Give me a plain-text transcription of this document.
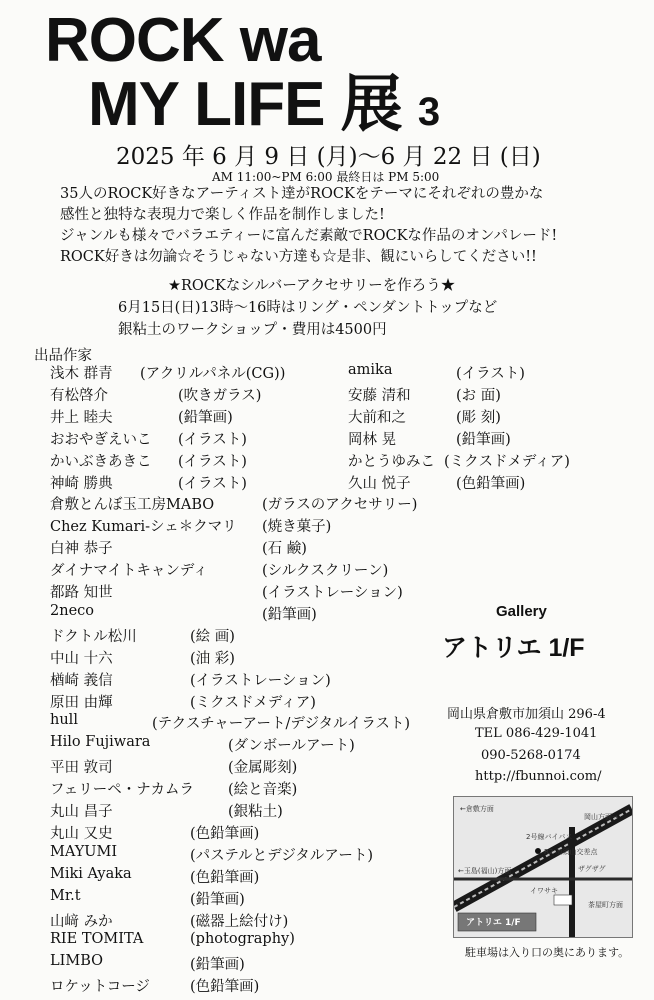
ROCK wa
MY LIFE 展 3
2025 年 6 月 9 日 (月)〜6 月 22 日 (日)
AM 11:00~PM 6:00 最終日は PM 5:00
35人のROCK好きなアーティスト達がROCKをテーマにそれぞれの豊かな
感性と独特な表現力で楽しく作品を制作しました!
ジャンルも様々でバラエティーに富んだ素敵でROCKな作品のオンパレード!
ROCK好きは勿論☆そうじゃない方達も☆是非、観にいらしてください!!
★ROCKなシルバーアクセサリーを作ろう★
6月15日(日)13時〜16時はリング・ペンダントトップなど
銀粘土のワークショップ・費用は4500円
出品作家
浅木 群青 (アクリルパネル(CG))
有松啓介	(吹きガラス)
井上 睦夫	(鉛筆画)
おおやぎえいこ (イラスト)
かいぶきあきこ (イラスト)
神崎 勝典	(イラスト)
倉敷とんぼ玉工房MABO	(ガラスのアクセサリー)
Chez Kumari-シェ＊クマリ (焼き菓子)
白神 恭子	(石 鹸)
ダイナマイトキャンディ	(シルクスクリーン)
都路 知世	(イラストレーション)
2neco	(鉛筆画)
ドクトル松川	(絵 画)
中山 十六	(油 彩)
楢崎 義信	(イラストレーション)
原田 由輝	(ミクスドメディア)
hull	(テクスチャーアート/デジタルイラスト)
Hilo Fujiwara	(ダンボールアート)
平田 敦司	(金属彫刻)
フェリーペ・ナカムラ (絵と音楽)
丸山 昌子	(銀粘土)
丸山 又史	(色鉛筆画)
MAYUMI	(パステルとデジタルアート)
Miki Ayaka	(色鉛筆画)
Mr.t	(鉛筆画)
山﨑 みか	(磁器上絵付け)
RIE TOMITA	(photography)
LIMBO	(鉛筆画)
ロケットコージ	(色鉛筆画)
amika	(イラスト)
安藤 清和	(お 面)
大前和之	(彫 刻)
岡林 晃	(鉛筆画)
かとうゆみこ (ミクスドメディア)
久山 悦子	(色鉛筆画)
Gallery
アトリエ 1/F
岡山県倉敷市加須山 296-4
TEL 086-429-1041
090-5268-0174
http://fbunnoi.com/
←倉敷方面
2号線バイパス
岡山方面→
R2 加須山交差点
←玉島(福山)方面
イワサキ
ザグザグ
茶屋町方面
アトリエ 1/F
駐車場は入り口の奥にあります。
